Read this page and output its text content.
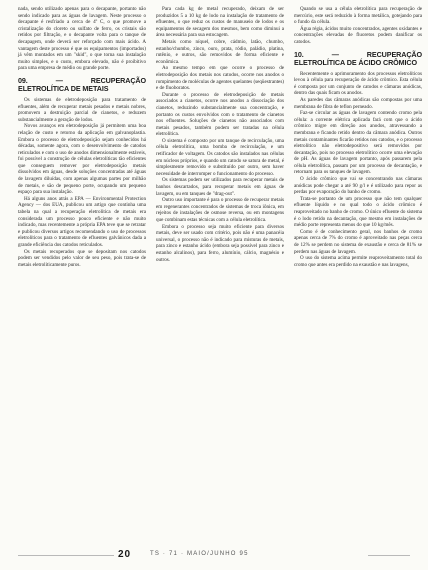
nada, sendo utilizado apenas para o decapante, portanto não sendo indicado para as águas de lavagem. Neste processo o decapante é resfriado a cerca de 4º C, o que promove a cristalização do cloreto ou sulfato de ferro, os cristais são retidos por filtração, e o decapante volta para o tanque de decapagem, onde deverá ser reforçado com mais ácido. A vantagem deste processo é que os equipamentos (importados) já vêm montados em um "skid", o que torna sua instalação muito simples, e o custo, embora elevado, não é proibitivo para uma empresa de médio ou grande porte.

09. — RECUPERAÇÃO ELETROLÍTICA DE METAIS

Os sistemas de eletrodeposição para tratamento de efluentes, além de recuperar metais pesados e metais nobres, promovem a destruição parcial de cianetos, e reduzem substancialmente a geração de lodos.

Novos avanços em eletrodeposição já permitem uma boa relação de custo e retorno da aplicação em galvanoplastia. Embora o processo de eletrodeposição sejam conhecidos há décadas, somente agora, com o desenvolvimento de catodos reticulados e com o uso de anodos dimensionalmente estáveis, foi possível a construção de células eletrolíticas tão eficientes que conseguem remover por eletrodeposição metais dissolvidos em águas, desde soluções concentradas até águas de lavagem diluídas, com apenas algumas partes por milhão de metais, e são de pequeno porte, ocupando um pequeno espaço para sua instalação.

Há alguns anos atrás a EPA — Environmental Protection Agency — dos EUA, publicou um artigo que continha uma tabela na qual a recuperação eletrolítica de metais era considerada um processo pouco eficiente e não muito indicado, mas recentemente a própria EPA teve que se retratar e publicou diversos artigos recomendando o uso de processos eletrolíticos para o tratamento de efluentes galvânicos dada a grande eficiência dos catodos reticulados.

Os metais recuperados que se depositam nos catodos podem ser vendidos pelo valor de seu peso, pois trata-se de metais eletroliticamente puros.

Para cada kg de metal recuperado, deixam de ser produzidos 5 a 10 kg de lodo na instalação de tratamento de efluentes, o que reduz os custos de manuseio de lodos e os equipamentos de secagem dos mesmos, bem como diminui a área necessária para sua estocagem.

Metais como níquel, cobre, cádmio, latão, chumbo, estanho/chumbo, zinco, ouro, prata, ródio, paládio, platina, rutênio, e outros, são removidos de forma eficiente e econômica.

Ao mesmo tempo em que ocorre o processo de eletrodeposição dos metais nos catodos, ocorre nos anodos o rompimento de moléculas de agentes quelantes (seqüestrantes) e de fluoboratos.

Durante o processo de eletrodeposição de metais associados a cianetos, ocorre nos anodos a dissociação dos cianetos, reduzindo substancialmente sua concentração, e portanto os custos envolvidos com o tratamento de cianetos nos efluentes. Soluções de cianetos não associados com metais pesados, também podem ser tratadas na célula eletrolítica.

O sistema é composto por um tanque de recirculação, uma célula eletrolítica, uma bomba de recirculação, e um retificador de voltagem. Os catodos são instalados nas células em núcleos próprios, e quando um catodo se satura de metal, é simplesmente removido e substituído por outro, sem haver necessidade de interromper o funcionamento do processo.

Os sistemas podem ser utilizados para recuperar metais de banhos descartados, para recuperar metais em águas de lavagem, ou em tanques de "drag-out".

Outro uso importante é para o processo de recuperar metais em regenerantes concentrados de sistemas de troca iônica, em rejeitos de instalações de osmose reversa, ou em montagens que combinam estas técnicas com a célula eletrolítica.

Embora o processo seja muito eficiente para diversos metais, deve ser usado com critério, pois não é uma panacéia universal, o processo não é indicado para misturas de metais, para zinco e estanho ácido (embora seja possível para zinco e estanho alcalinos), para ferro, alumínio, cálcio, magnésio e outros.

Quando se usa a célula eletrolítica para recuperação de mercúrio, este será reduzido à forma metálica, gotejando para o fundo da célula.

Água régia, ácidos muito concentrados, agentes oxidantes e concentrações elevadas de fluoretos podem danificar os catodos.

10. — RECUPERAÇÃO ELETROLÍTICA DE ÁCIDO CRÔMICO

Recentemente o aprimoramento dos processos eletrolíticos levou à célula para recuperação de ácido crômico. Esta célula é composta por um conjunto de catodos e câmaras anódicas, dentro das quais ficam os anodos.

As paredes das câmaras anódicas são compostas por uma membrana de fibra de teflon perneado.

Faz-se circular as águas de lavagem contendo cromo pela célula: a corrente elétrica aplicada fará com que o ácido crômico migre em direção aos anodos, atravessando a membrana e ficando retido dentro da câmara anódica. Outros metais contaminantes ficarão retidos nos catodos, e o processo eletrolítico não eletrodepositivo será removidos por decantação, pois no processo eletrolítico ocorre uma elevação de pH. As águas de lavagem portanto, após passarem pela célula eletrolítica, passam por um processo de decantação, e retornam para os tanques de lavagem.

O ácido crômico que vai se concentrando nas câmaras anódicas pode chegar a até 90 g/l e é utilizado para repor as perdas por evaporação do banho de cromo.

Trata-se portanto de um processo que não tem qualquer efluente líquido e no qual todo o ácido crômico é reaproveitado no banho de cromo. O único efluente do sistema é o lodo retido na decantação, que mesmo em instalações de médio porte representa menos do que 10 kg/mês.

Como é de conhecimento geral, nos banhos de cromo apenas cerca de 7% do cromo é aproveitado nas peças cerca de 12% se perdem no sistema de exaustão e cerca de 81% se perdem nas águas de lavagem.

O uso do sistema acima permite reaproveitamento total do cromo que antes era perdido na exaustão e nas lavagens,

20	TS · 71 · MAIO/JUNHO 95
